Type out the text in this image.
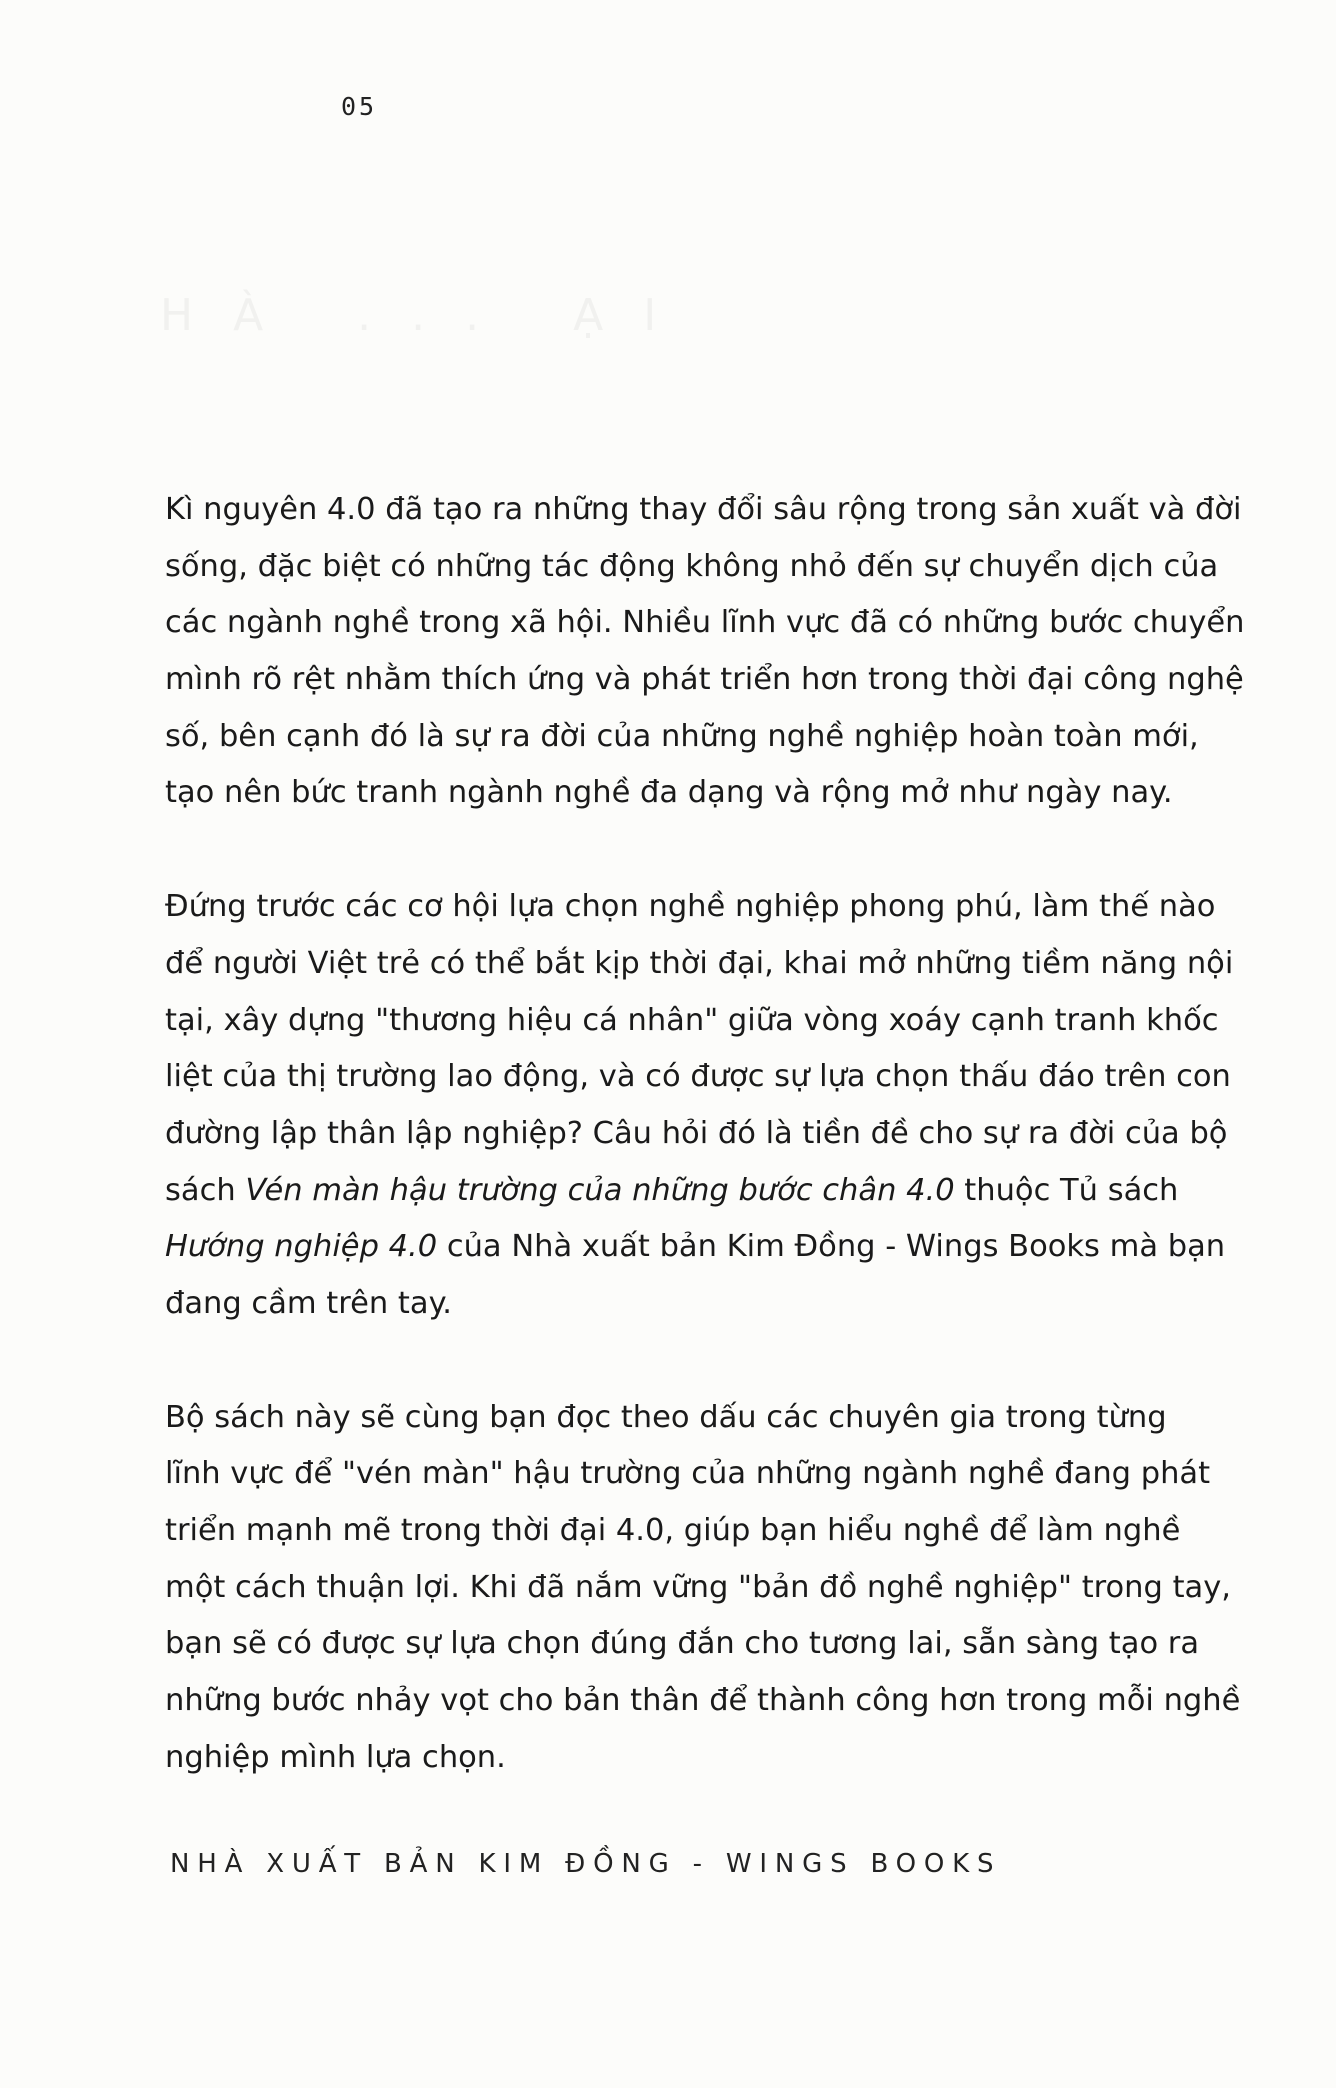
05
HÀ ... ẠI
Kì nguyên 4.0 đã tạo ra những thay đổi sâu rộng trong sản xuất và đời
sống, đặc biệt có những tác động không nhỏ đến sự chuyển dịch của
các ngành nghề trong xã hội. Nhiều lĩnh vực đã có những bước chuyển
mình rõ rệt nhằm thích ứng và phát triển hơn trong thời đại công nghệ
số, bên cạnh đó là sự ra đời của những nghề nghiệp hoàn toàn mới,
tạo nên bức tranh ngành nghề đa dạng và rộng mở như ngày nay.
Đứng trước các cơ hội lựa chọn nghề nghiệp phong phú, làm thế nào
để người Việt trẻ có thể bắt kịp thời đại, khai mở những tiềm năng nội
tại, xây dựng "thương hiệu cá nhân" giữa vòng xoáy cạnh tranh khốc
liệt của thị trường lao động, và có được sự lựa chọn thấu đáo trên con
đường lập thân lập nghiệp? Câu hỏi đó là tiền đề cho sự ra đời của bộ
sách Vén màn hậu trường của những bước chân 4.0 thuộc Tủ sách
Hướng nghiệp 4.0 của Nhà xuất bản Kim Đồng - Wings Books mà bạn
đang cầm trên tay.
Bộ sách này sẽ cùng bạn đọc theo dấu các chuyên gia trong từng
lĩnh vực để "vén màn" hậu trường của những ngành nghề đang phát
triển mạnh mẽ trong thời đại 4.0, giúp bạn hiểu nghề để làm nghề
một cách thuận lợi. Khi đã nắm vững "bản đồ nghề nghiệp" trong tay,
bạn sẽ có được sự lựa chọn đúng đắn cho tương lai, sẵn sàng tạo ra
những bước nhảy vọt cho bản thân để thành công hơn trong mỗi nghề
nghiệp mình lựa chọn.
NHÀ XUẤT BẢN KIM ĐỒNG - WINGS BOOKS
